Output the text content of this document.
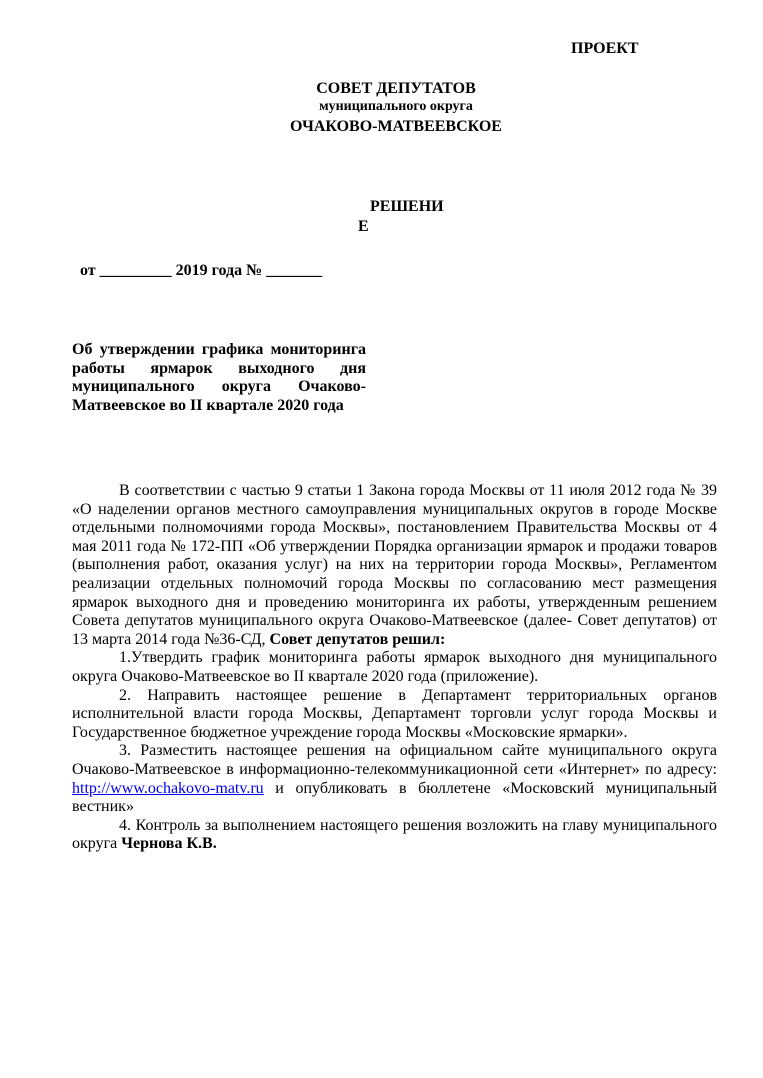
ПРОЕКТ
СОВЕТ ДЕПУТАТОВ
муниципального округа
ОЧАКОВО-МАТВЕЕВСКОЕ
РЕШЕНИ
Е
от _________ 2019 года № _______
Об утверждении графика мониторинга работы ярмарок выходного дня муниципального округа Очаково-Матвеевское во II квартале 2020 года

В соответствии с частью 9 статьи 1 Закона города Москвы от 11 июля 2012 года № 39 «О наделении органов местного самоуправления муниципальных округов в городе Москве отдельными полномочиями города Москвы», постановлением Правительства Москвы от 4 мая 2011 года № 172-ПП «Об утверждении Порядка организации ярмарок и продажи товаров (выполнения работ, оказания услуг) на них на территории города Москвы», Регламентом реализации отдельных полномочий города Москвы по согласованию мест размещения ярмарок выходного дня и проведению мониторинга их работы, утвержденным решением Совета депутатов муниципального округа Очаково-Матвеевское (далее- Совет депутатов) от 13 марта 2014 года №36-СД, Совет депутатов решил:

1.Утвердить график мониторинга работы ярмарок выходного дня муниципального округа Очаково-Матвеевское во II квартале 2020 года (приложение).

2. Направить настоящее решение в Департамент территориальных органов исполнительной власти города Москвы, Департамент торговли услуг города Москвы и Государственное бюджетное учреждение города Москвы «Московские ярмарки».

3. Разместить настоящее решения на официальном сайте муниципального округа Очаково-Матвеевское в информационно-телекоммуникационной сети «Интернет» по адресу: http://www.ochakovo-matv.ru и опубликовать в бюллетене «Московский муниципальный вестник»

4. Контроль за выполнением настоящего решения возложить на главу муниципального округа Чернова К.В.
